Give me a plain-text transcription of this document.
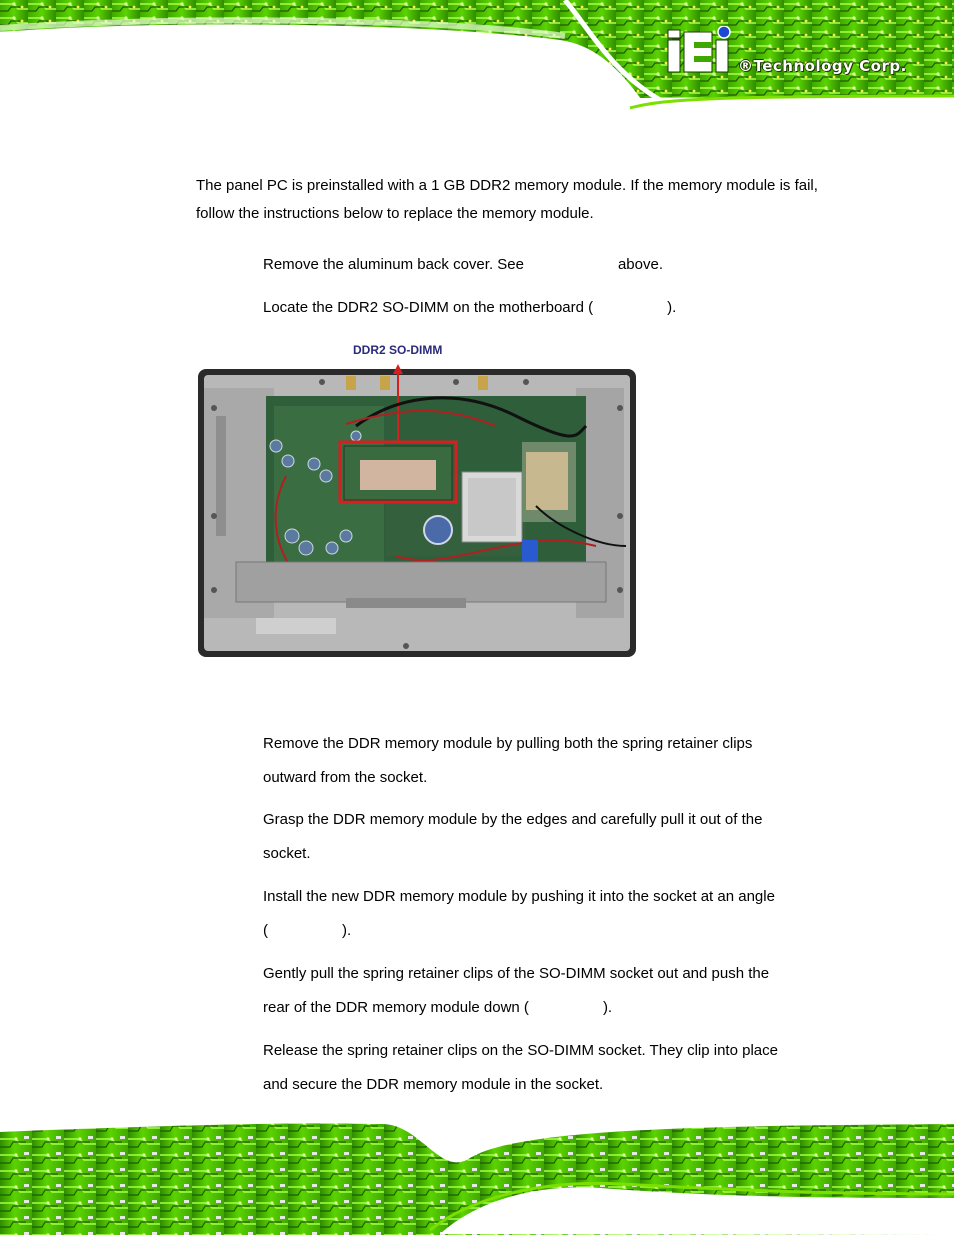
®Technology Corp.

The panel PC is preinstalled with a 1 GB DDR2 memory module. If the memory module is fail, follow the instructions below to replace the memory module.

Remove the aluminum back cover. See	above.

Locate the DDR2 SO-DIMM on the motherboard (	).

DDR2 SO-DIMM

Remove the DDR memory module by pulling both the spring retainer clips
outward from the socket.

Grasp the DDR memory module by the edges and carefully pull it out of the
socket.

Install the new DDR memory module by pushing it into the socket at an angle
(	).

Gently pull the spring retainer clips of the SO-DIMM socket out and push the
rear of the DDR memory module down (	).

Release the spring retainer clips on the SO-DIMM socket. They clip into place
and secure the DDR memory module in the socket.
